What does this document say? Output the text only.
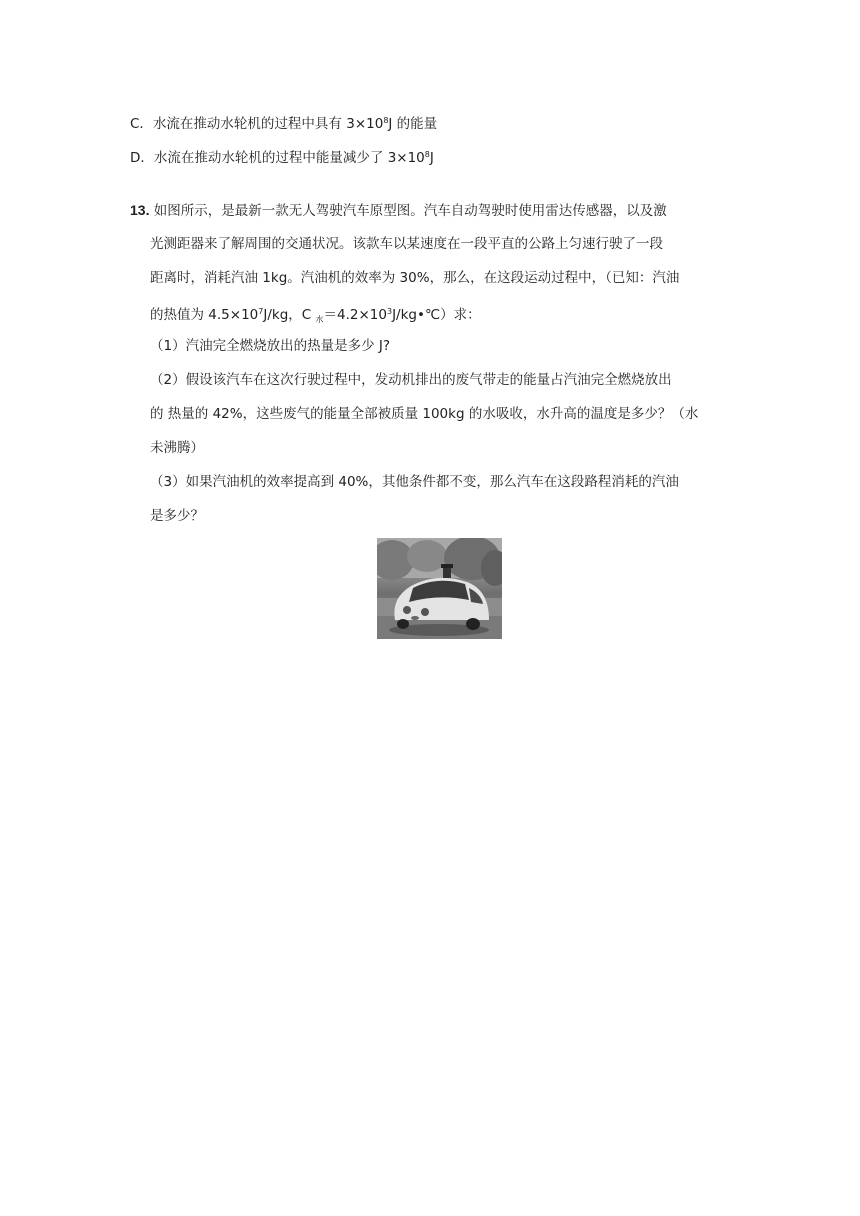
C．水流在推动水轮机的过程中具有 $3\times 10^8J$ 的能量
D．水流在推动水轮机的过程中能量减少了 $3\times 10^8J$
13. 如图所示，是最新一款无人驾驶汽车原型图。汽车自动驾驶时使用雷达传感器，以及激
光测距器来了解周围的交通状况。该款车以某速度在一段平直的公路上匀速行驶了一段
距离时，消耗汽油 1kg。汽油机的效率为 30%，那么，在这段运动过程中，（已知：汽油
的热值为 $4.5\times 10^7J/kg$，C $_水=4.2\times 10^3J/kg•℃$）求：
（1）汽油完全燃烧放出的热量是多少 J?
（2）假设该汽车在这次行驶过程中，发动机排出的废气带走的能量占汽油完全燃烧放出
的 热量的 42%，这些废气的能量全部被质量 100kg 的水吸收，水升高的温度是多少？（水
未沸腾）
（3）如果汽油机的效率提高到 40%，其他条件都不变，那么汽车在这段路程消耗的汽油
是多少？
